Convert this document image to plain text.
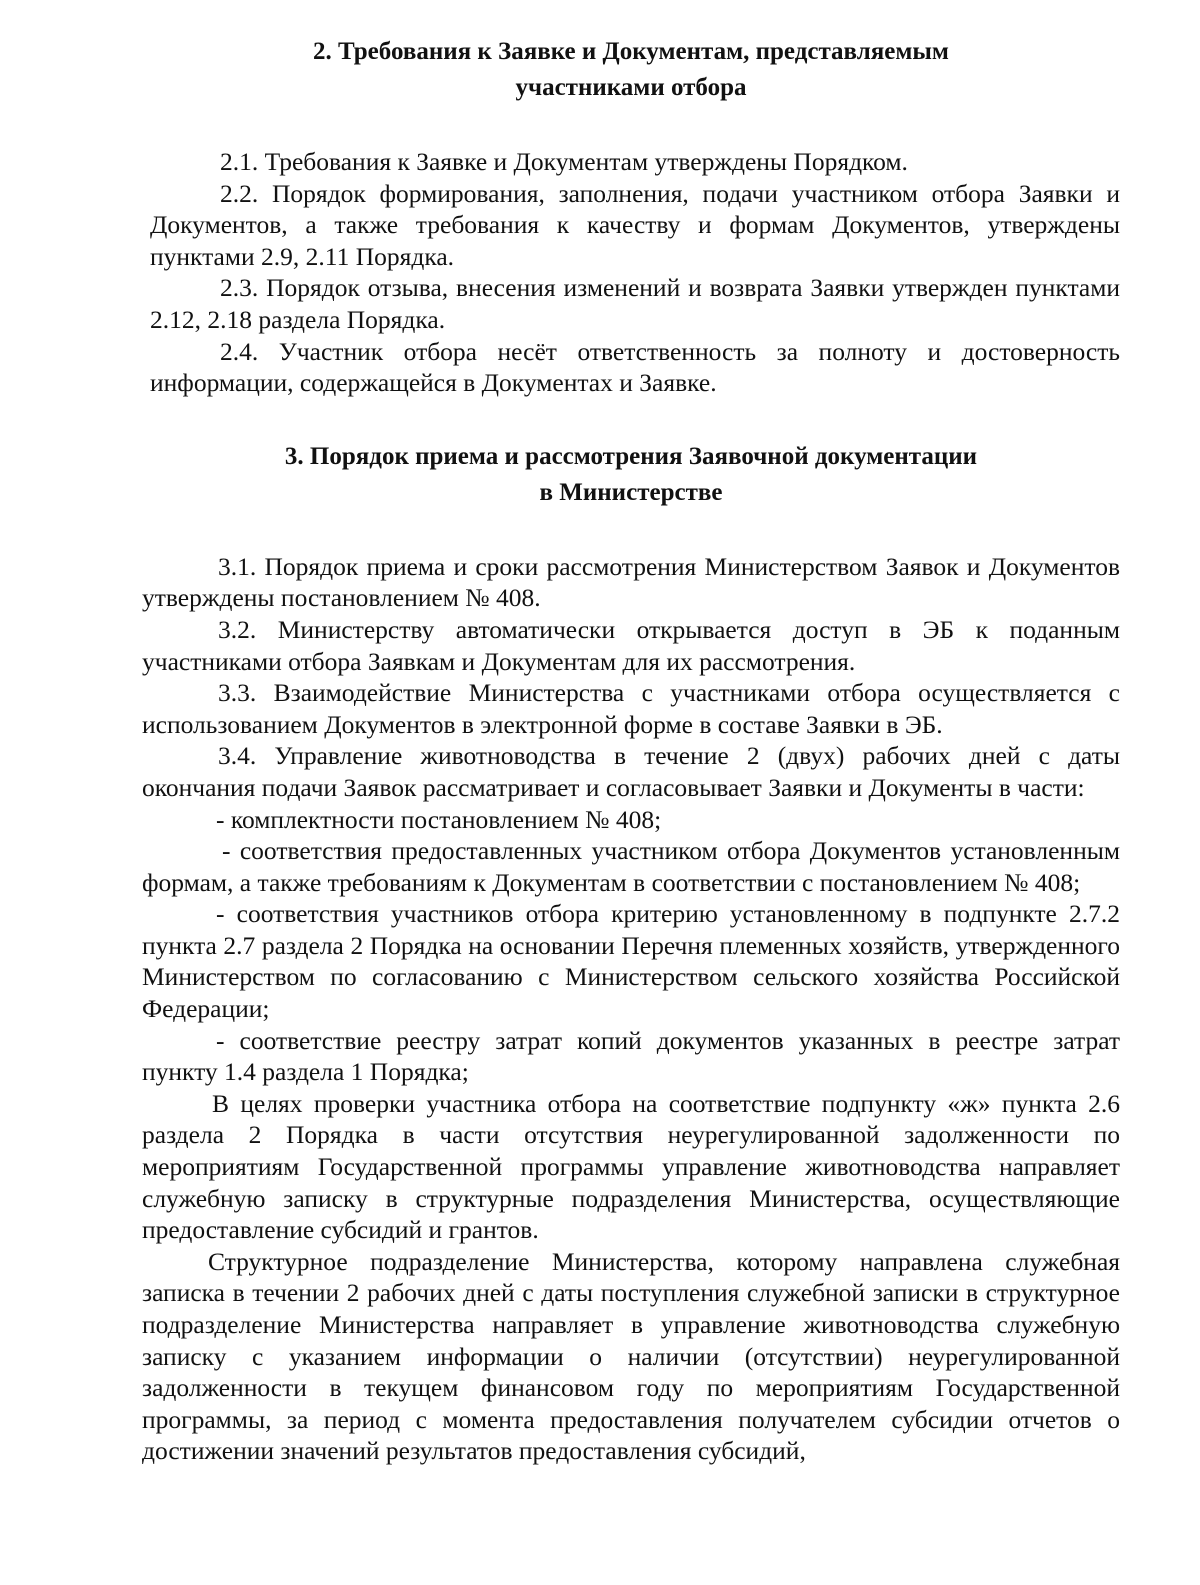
2. Требования к Заявке и Документам, представляемым
участниками отбора

2.1. Требования к Заявке и Документам утверждены Порядком.

2.2. Порядок формирования, заполнения, подачи участником отбора Заявки и Документов, а также требования к качеству и формам Документов, утверждены пунктами 2.9, 2.11 Порядка.

2.3. Порядок отзыва, внесения изменений и возврата Заявки утвержден пунктами 2.12, 2.18 раздела Порядка.

2.4. Участник отбора несёт ответственность за полноту и достоверность информации, содержащейся в Документах и Заявке.

3. Порядок приема и рассмотрения Заявочной документации
в Министерстве

3.1. Порядок приема и сроки рассмотрения Министерством Заявок и Документов утверждены постановлением № 408.

3.2. Министерству автоматически открывается доступ в ЭБ к поданным участниками отбора Заявкам и Документам для их рассмотрения.

3.3. Взаимодействие Министерства с участниками отбора осуществляется с использованием Документов в электронной форме в составе Заявки в ЭБ.

3.4. Управление животноводства в течение 2 (двух) рабочих дней с даты окончания подачи Заявок рассматривает и согласовывает Заявки и Документы в части:

- комплектности постановлением № 408;

- соответствия предоставленных участником отбора Документов установленным формам, а также требованиям к Документам в соответствии с постановлением № 408;

- соответствия участников отбора критерию установленному в подпункте 2.7.2 пункта 2.7 раздела 2 Порядка на основании Перечня племенных хозяйств, утвержденного Министерством по согласованию с Министерством сельского хозяйства Российской Федерации;

- соответствие реестру затрат копий документов указанных в реестре затрат пункту 1.4 раздела 1 Порядка;

В целях проверки участника отбора на соответствие подпункту «ж» пункта 2.6 раздела 2 Порядка в части отсутствия неурегулированной задолженности по мероприятиям Государственной программы управление животноводства направляет служебную записку в структурные подразделения Министерства, осуществляющие предоставление субсидий и грантов.

Структурное подразделение Министерства, которому направлена служебная записка в течении 2 рабочих дней с даты поступления служебной записки в структурное подразделение Министерства направляет в управление животноводства служебную записку с указанием информации о наличии (отсутствии) неурегулированной задолженности в текущем финансовом году по мероприятиям Государственной программы, за период с момента предоставления получателем субсидии отчетов о достижении значений результатов предоставления субсидий,
